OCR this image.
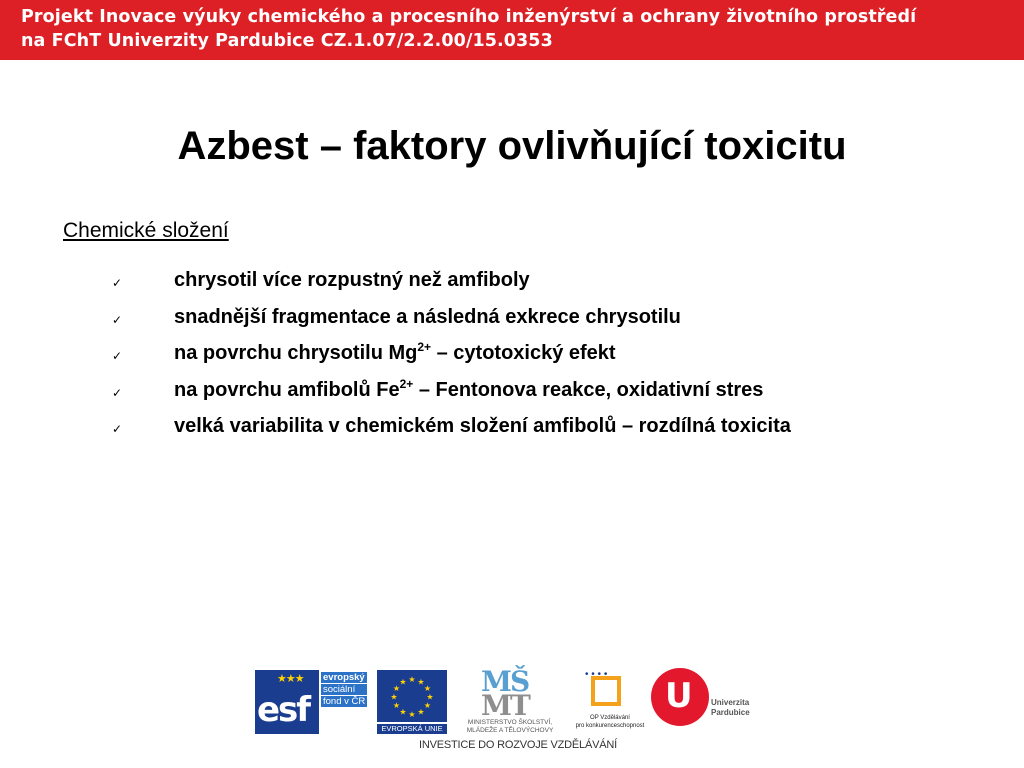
Projekt Inovace výuky chemického a procesního inženýrství a ochrany životního prostředí
na FChT Univerzity Pardubice CZ.1.07/2.2.00/15.0353
Azbest – faktory ovlivňující toxicitu
Chemické složení
✓	chrysotil více rozpustný než amfiboly
✓	snadnější fragmentace a následná exkrece chrysotilu
✓	na povrchu chrysotilu $Mg^{2+}$ – cytotoxický efekt
✓	na povrchu amfibolů $Fe^{2+}$ – Fentonova reakce, oxidativní stres
✓	velká variabilita v chemickém složení amfibolů – rozdílná toxicita
★★★
esf
evropský
sociální
fond v ČR
★ ★
★
★
★
★
★
★
★
★
★
★
EVROPSKÁ UNIE
MŠ
MT
MINISTERSTVO ŠKOLSTVÍ,
MLÁDEŽE A TĚLOVÝCHOVY
• • • •
OP Vzdělávání
pro konkurenceschopnost
U Univerzita
Pardubice
INVESTICE DO ROZVOJE VZDĚLÁVÁNÍ
